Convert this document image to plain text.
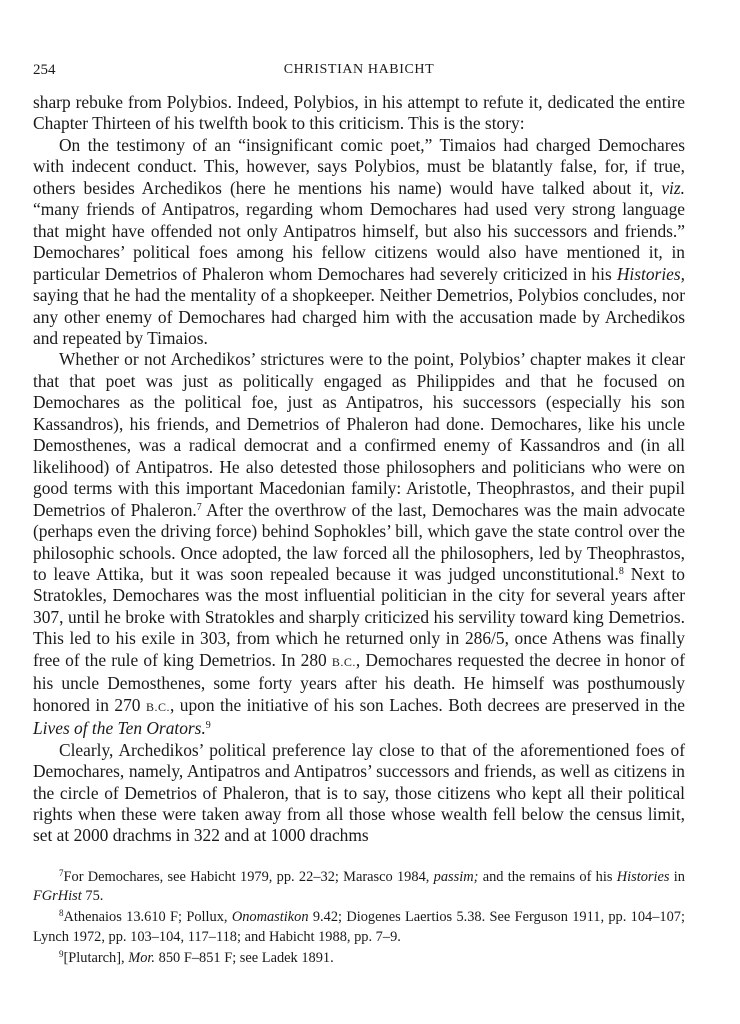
254	CHRISTIAN HABICHT

sharp rebuke from Polybios. Indeed, Polybios, in his attempt to refute it, dedicated the entire Chapter Thirteen of his twelfth book to this criticism. This is the story:

On the testimony of an “insignificant comic poet,” Timaios had charged Demochares with indecent conduct. This, however, says Polybios, must be blatantly false, for, if true, others besides Archedikos (here he mentions his name) would have talked about it, viz. “many friends of Antipatros, regarding whom Demochares had used very strong language that might have offended not only Antipatros himself, but also his successors and friends.” Demochares’ political foes among his fellow citizens would also have mentioned it, in particular Demetrios of Phaleron whom Demochares had severely criticized in his Histories, saying that he had the mentality of a shopkeeper. Neither Demetrios, Polybios concludes, nor any other enemy of Demochares had charged him with the accusation made by Archedikos and repeated by Timaios.

Whether or not Archedikos’ strictures were to the point, Polybios’ chapter makes it clear that that poet was just as politically engaged as Philippides and that he focused on Demochares as the political foe, just as Antipatros, his successors (especially his son Kassandros), his friends, and Demetrios of Phaleron had done. Demochares, like his uncle Demosthenes, was a radical democrat and a confirmed enemy of Kassandros and (in all likelihood) of Antipatros. He also detested those philosophers and politicians who were on good terms with this important Macedonian family: Aristotle, Theophrastos, and their pupil Demetrios of Phaleron.$^7$ After the overthrow of the last, Demochares was the main advocate (perhaps even the driving force) behind Sophokles’ bill, which gave the state control over the philosophic schools. Once adopted, the law forced all the philosophers, led by Theophrastos, to leave Attika, but it was soon repealed because it was judged unconstitutional.$^8$ Next to Stratokles, Demochares was the most influential politician in the city for several years after 307, until he broke with Stratokles and sharply criticized his servility toward king Demetrios. This led to his exile in 303, from which he returned only in 286/5, once Athens was finally free of the rule of king Demetrios. In 280 B.C., Demochares requested the decree in honor of his uncle Demosthenes, some forty years after his death. He himself was posthumously honored in 270 B.C., upon the initiative of his son Laches. Both decrees are preserved in the Lives of the Ten Orators.$^9$

Clearly, Archedikos’ political preference lay close to that of the aforementioned foes of Demochares, namely, Antipatros and Antipatros’ successors and friends, as well as citizens in the circle of Demetrios of Phaleron, that is to say, those citizens who kept all their political rights when these were taken away from all those whose wealth fell below the census limit, set at 2000 drachms in 322 and at 1000 drachms

$^7$For Demochares, see Habicht 1979, pp. 22–32; Marasco 1984, passim; and the remains of his Histories in FGrHist 75.

$^8$Athenaios 13.610 F; Pollux, Onomastikon 9.42; Diogenes Laertios 5.38. See Ferguson 1911, pp. 104–107; Lynch 1972, pp. 103–104, 117–118; and Habicht 1988, pp. 7–9.

$^9$[Plutarch], Mor. 850 F–851 F; see Ladek 1891.
